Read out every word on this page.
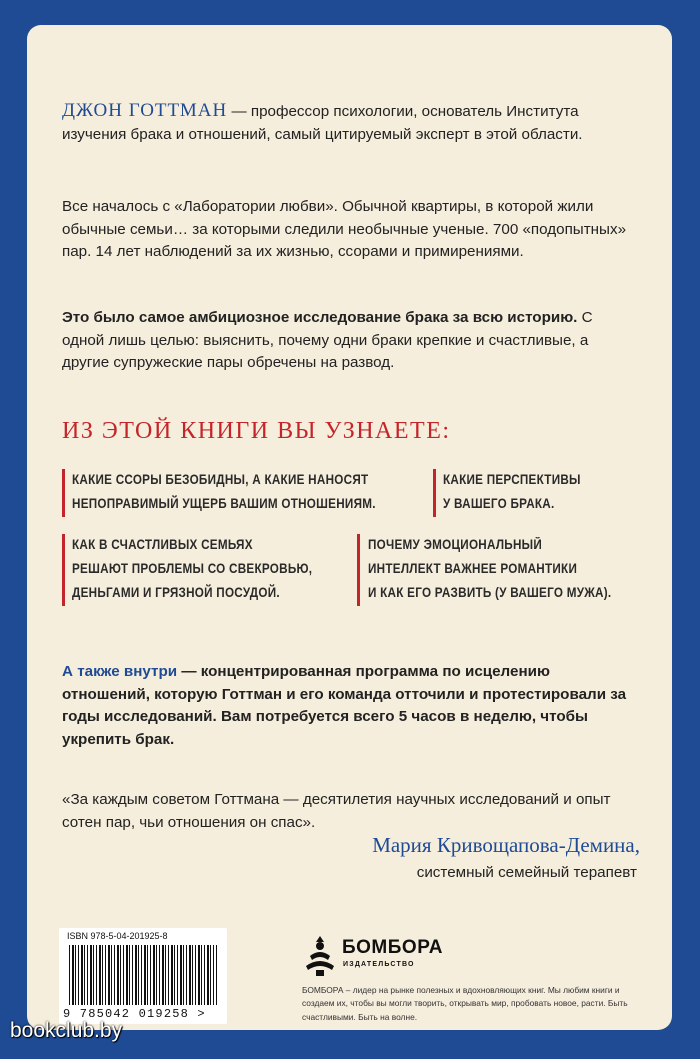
ДЖОН ГОТТМАН — профессор психологии, основатель Института изучения брака и отношений, самый цитируемый эксперт в этой области.

Все началось с «Лаборатории любви». Обычной квартиры, в которой жили обычные семьи… за которыми следили необычные ученые. 700 «подопытных» пар. 14 лет наблюдений за их жизнью, ссорами и примирениями.

Это было самое амбициозное исследование брака за всю историю. С одной лишь целью: выяснить, почему одни браки крепкие и счастливые, а другие супружеские пары обречены на развод.

ИЗ ЭТОЙ КНИГИ ВЫ УЗНАЕТЕ:

КАКИЕ ССОРЫ БЕЗОБИДНЫ, А КАКИЕ НАНОСЯТ
НЕПОПРАВИМЫЙ УЩЕРБ ВАШИМ ОТНОШЕНИЯМ.
КАКИЕ ПЕРСПЕКТИВЫ
У ВАШЕГО БРАКА.
КАК В СЧАСТЛИВЫХ СЕМЬЯХ
РЕШАЮТ ПРОБЛЕМЫ СО СВЕКРОВЬЮ,
ДЕНЬГАМИ И ГРЯЗНОЙ ПОСУДОЙ.
ПОЧЕМУ ЭМОЦИОНАЛЬНЫЙ
ИНТЕЛЛЕКТ ВАЖНЕЕ РОМАНТИКИ
И КАК ЕГО РАЗВИТЬ (У ВАШЕГО МУЖА).

А также внутри — концентрированная программа по исцелению отношений, которую Готтман и его команда отточили и протестировали за годы исследований. Вам потребуется всего 5 часов в неделю, чтобы укрепить брак.

«За каждым советом Готтмана — десятилетия научных исследований и опыт сотен пар, чьи отношения он спас».

Мария Кривощапова-Демина,

системный семейный терапевт

ISBN 978-5-04-201925-8
9 785042 019258 >

БОМБОРА

ИЗДАТЕЛЬСТВО

БОМБОРА – лидер на рынке полезных и вдохновляющих книг. Мы любим книги и создаем их, чтобы вы могли творить, открывать мир, пробовать новое, расти. Быть счастливыми. Быть на волне.

bookclub.by
